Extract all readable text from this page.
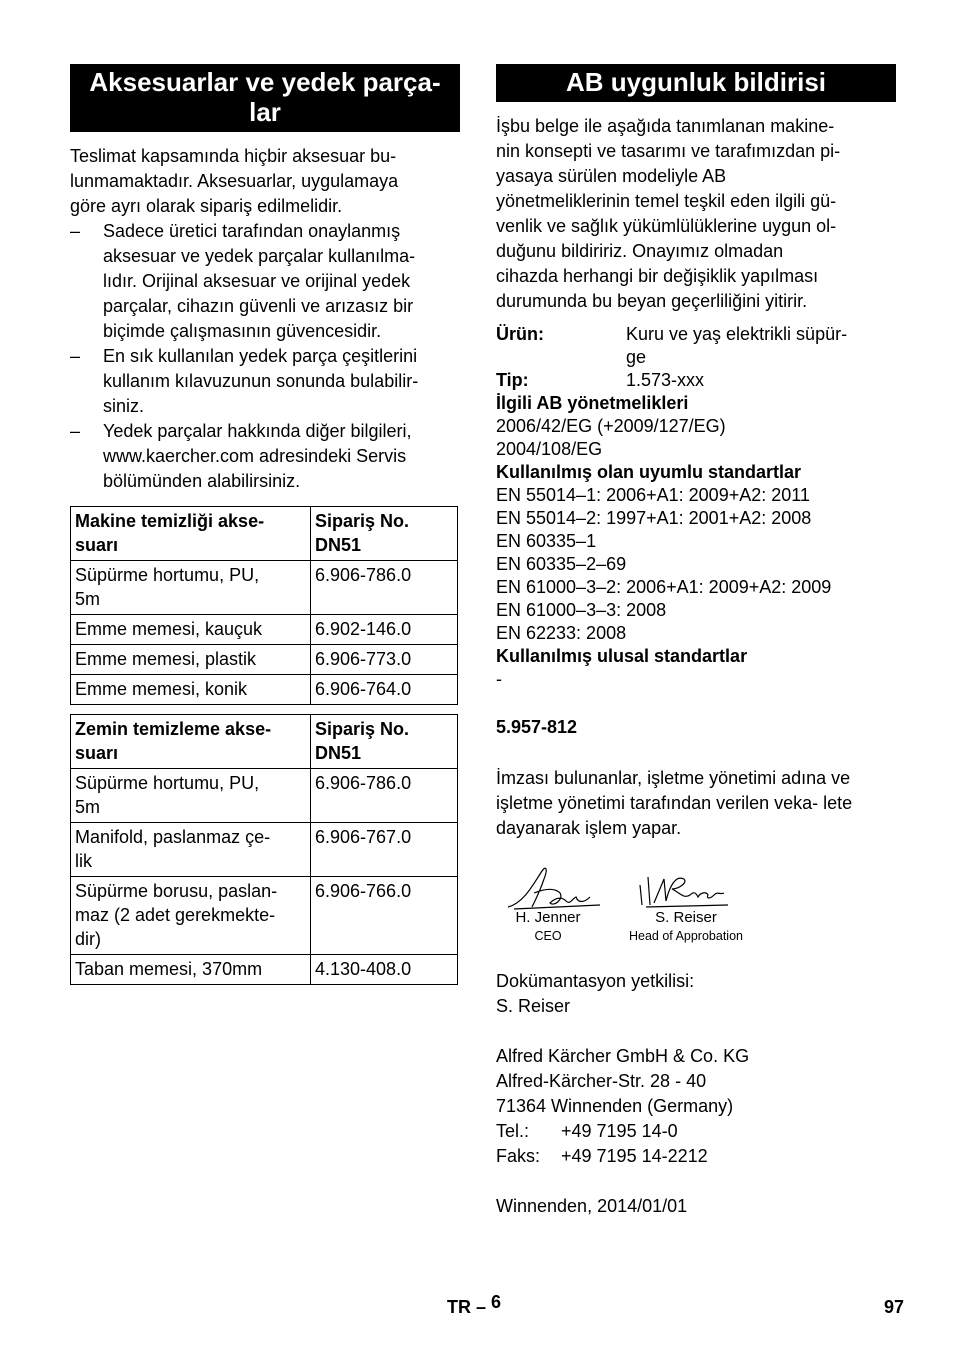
Aksesuarlar ve yedek parça-
lar

Teslimat kapsamında hiçbir aksesuar bu-
lunmamaktadır. Aksesuarlar, uygulamaya
göre ayrı olarak sipariş edilmelidir.

– Sadece üretici tarafından onaylanmış
aksesuar ve yedek parçalar kullanılma-
lıdır. Orijinal aksesuar ve orijinal yedek
parçalar, cihazın güvenli ve arızasız bir
biçimde çalışmasının güvencesidir.
– En sık kullanılan yedek parça çeşitlerini
kullanım kılavuzunun sonunda bulabilir-
siniz.
– Yedek parçalar hakkında diğer bilgileri,
www.kaercher.com adresindeki Servis
bölümünden alabilirsiniz.
Makine temizliği akse-
suarı	Sipariş No.
DN51
Süpürme hortumu, PU,
5m	6.906-786.0
Emme memesi, kauçuk	6.902-146.0
Emme memesi, plastik	6.906-773.0
Emme memesi, konik	6.906-764.0
Zemin temizleme akse-
suarı	Sipariş No.
DN51
Süpürme hortumu, PU,
5m	6.906-786.0
Manifold, paslanmaz çe-
lik	6.906-767.0
Süpürme borusu, paslan-
maz (2 adet gerekmekte-
dir)	6.906-766.0
Taban memesi, 370mm	4.130-408.0
AB uygunluk bildirisi

İşbu belge ile aşağıda tanımlanan makine-
nin konsepti ve tasarımı ve tarafımızdan pi-
yasaya sürülen modeliyle AB
yönetmeliklerinin temel teşkil eden ilgili gü-
venlik ve sağlık yükümlülüklerine uygun ol-
duğunu bildiririz. Onayımız olmadan
cihazda herhangi bir değişiklik yapılması
durumunda bu beyan geçerliliğini yitirir.

Ürün:	Kuru ve yaş elektrikli süpür-
ge
Tip:	1.573-xxx
İlgili AB yönetmelikleri
2006/42/EG (+2009/127/EG)
2004/108/EG
Kullanılmış olan uyumlu standartlar
EN 55014–1: 2006+A1: 2009+A2: 2011
EN 55014–2: 1997+A1: 2001+A2: 2008
EN 60335–1
EN 60335–2–69
EN 61000–3–2: 2006+A1: 2009+A2: 2009
EN 61000–3–3: 2008
EN 62233: 2008
Kullanılmış ulusal standartlar
-
5.957-812

İmzası bulunanlar, işletme yönetimi adına ve işletme yönetimi tarafından verilen veka- lete dayanarak işlem yapar.

H. Jenner
CEO
S. Reiser
Head of Approbation
Dokümantasyon yetkilisi:
S. Reiser
Alfred Kärcher GmbH & Co. KG
Alfred-Kärcher-Str. 28 - 40
71364 Winnenden (Germany)
Tel.:	+49 7195 14-0
Faks:	+49 7195 14-2212
Winnenden, 2014/01/01
TR – 6	97
